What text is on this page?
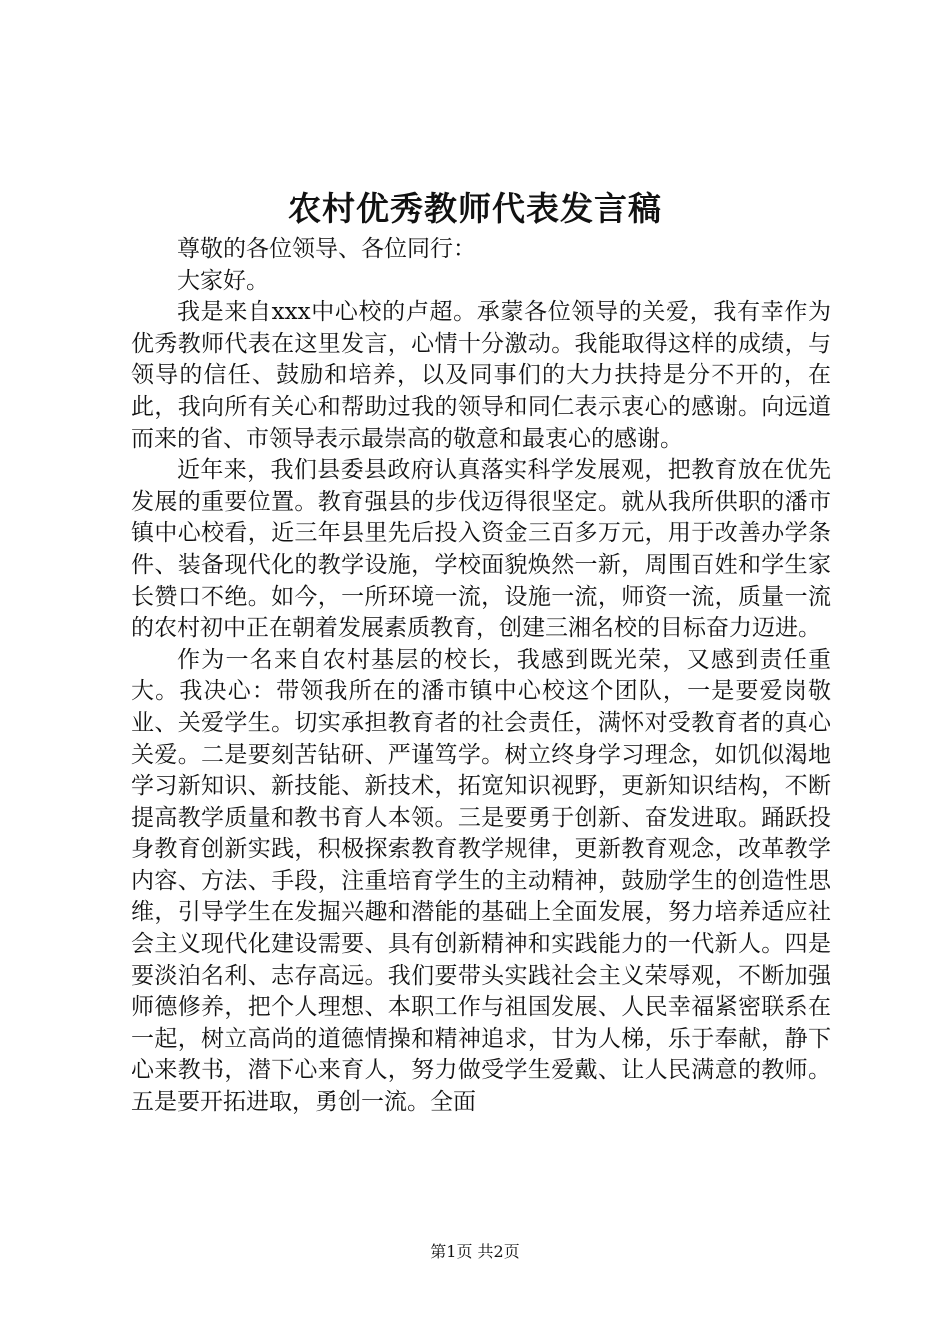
农村优秀教师代表发言稿

尊敬的各位领导、各位同行：

大家好。

我是来自xxx中心校的卢超。承蒙各位领导的关爱，我有幸作为优秀教师代表在这里发言，心情十分激动。我能取得这样的成绩，与领导的信任、鼓励和培养，以及同事们的大力扶持是分不开的，在此，我向所有关心和帮助过我的领导和同仁表示衷心的感谢。向远道而来的省、市领导表示最崇高的敬意和最衷心的感谢。

近年来，我们县委县政府认真落实科学发展观，把教育放在优先发展的重要位置。教育强县的步伐迈得很坚定。就从我所供职的潘市镇中心校看，近三年县里先后投入资金三百多万元，用于改善办学条件、装备现代化的教学设施，学校面貌焕然一新，周围百姓和学生家长赞口不绝。如今，一所环境一流，设施一流，师资一流，质量一流的农村初中正在朝着发展素质教育，创建三湘名校的目标奋力迈进。

作为一名来自农村基层的校长，我感到既光荣，又感到责任重大。我决心：带领我所在的潘市镇中心校这个团队，一是要爱岗敬业、关爱学生。切实承担教育者的社会责任，满怀对受教育者的真心关爱。二是要刻苦钻研、严谨笃学。树立终身学习理念，如饥似渴地学习新知识、新技能、新技术，拓宽知识视野，更新知识结构，不断提高教学质量和教书育人本领。三是要勇于创新、奋发进取。踊跃投身教育创新实践，积极探索教育教学规律，更新教育观念，改革教学内容、方法、手段，注重培育学生的主动精神，鼓励学生的创造性思维，引导学生在发掘兴趣和潜能的基础上全面发展，努力培养适应社会主义现代化建设需要、具有创新精神和实践能力的一代新人。四是要淡泊名利、志存高远。我们要带头实践社会主义荣辱观，不断加强师德修养，把个人理想、本职工作与祖国发展、人民幸福紧密联系在一起，树立高尚的道德情操和精神追求，甘为人梯，乐于奉献，静下心来教书，潜下心来育人，努力做受学生爱戴、让人民满意的教师。五是要开拓进取，勇创一流。全面

第1页 共2页
